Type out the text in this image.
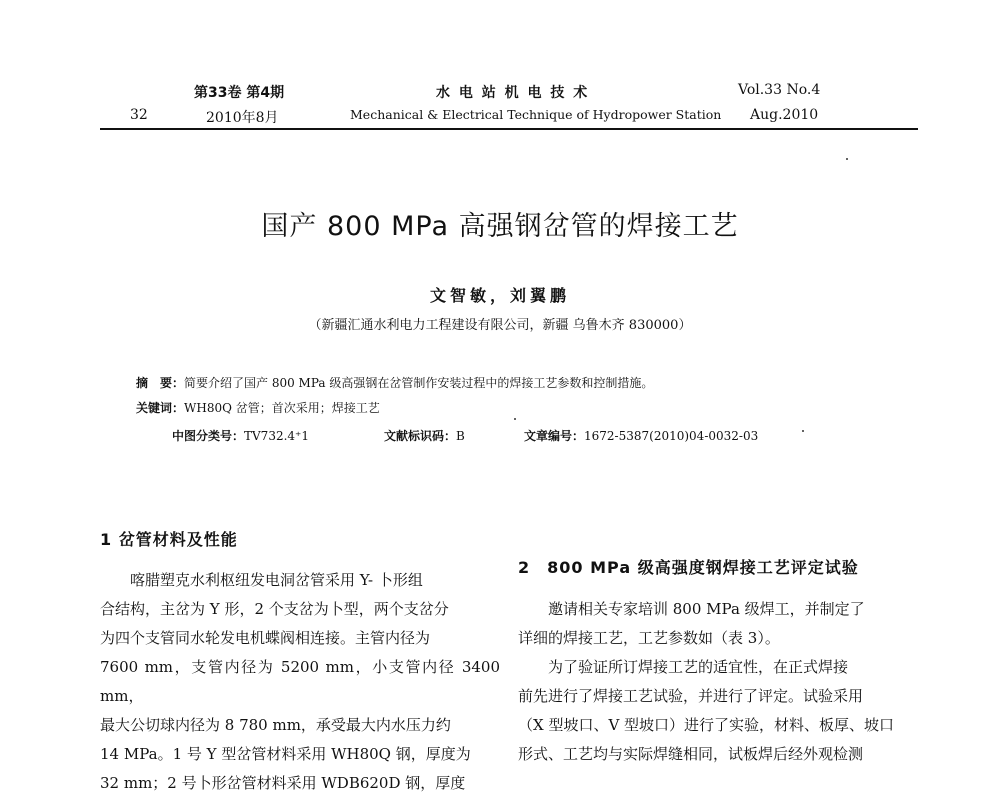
第33卷 第4期	水 电 站 机 电 技 术	Vol.33 No.4
32	2010年8月	Mechanical & Electrical Technique of Hydropower Station Aug.2010
国产 800 MPa 高强钢岔管的焊接工艺
文智敏，刘翼鹏
（新疆汇通水利电力工程建设有限公司，新疆 乌鲁木齐 830000）
摘　要：简要介绍了国产 800 MPa 级高强钢在岔管制作安装过程中的焊接工艺参数和控制措施。
关键词：WH80Q 岔管；首次采用；焊接工艺
中图分类号：TV732.4⁺1	文献标识码：B	文章编号：1672-5387(2010)04-0032-03
1 岔管材料及性能

喀腊塑克水利枢纽发电洞岔管采用 Y- 卜形组

合结构，主岔为 Y 形，2 个支岔为卜型，两个支岔分

为四个支管同水轮发电机蝶阀相连接。主管内径为

7600 mm，支管内径为 5200 mm，小支管内径 3400 mm，

最大公切球内径为 8 780 mm，承受最大内水压力约

14 MPa。1 号 Y 型岔管材料采用 WH80Q 钢，厚度为

32 mm；2 号卜形岔管材料采用 WDB620D 钢，厚度

2　800 MPa 级高强度钢焊接工艺评定试验

邀请相关专家培训 800 MPa 级焊工，并制定了

详细的焊接工艺，工艺参数如（表 3）。

为了验证所订焊接工艺的适宜性，在正式焊接

前先进行了焊接工艺试验，并进行了评定。试验采用

（X 型坡口、V 型坡口）进行了实验，材料、板厚、坡口

形式、工艺均与实际焊缝相同，试板焊后经外观检测
